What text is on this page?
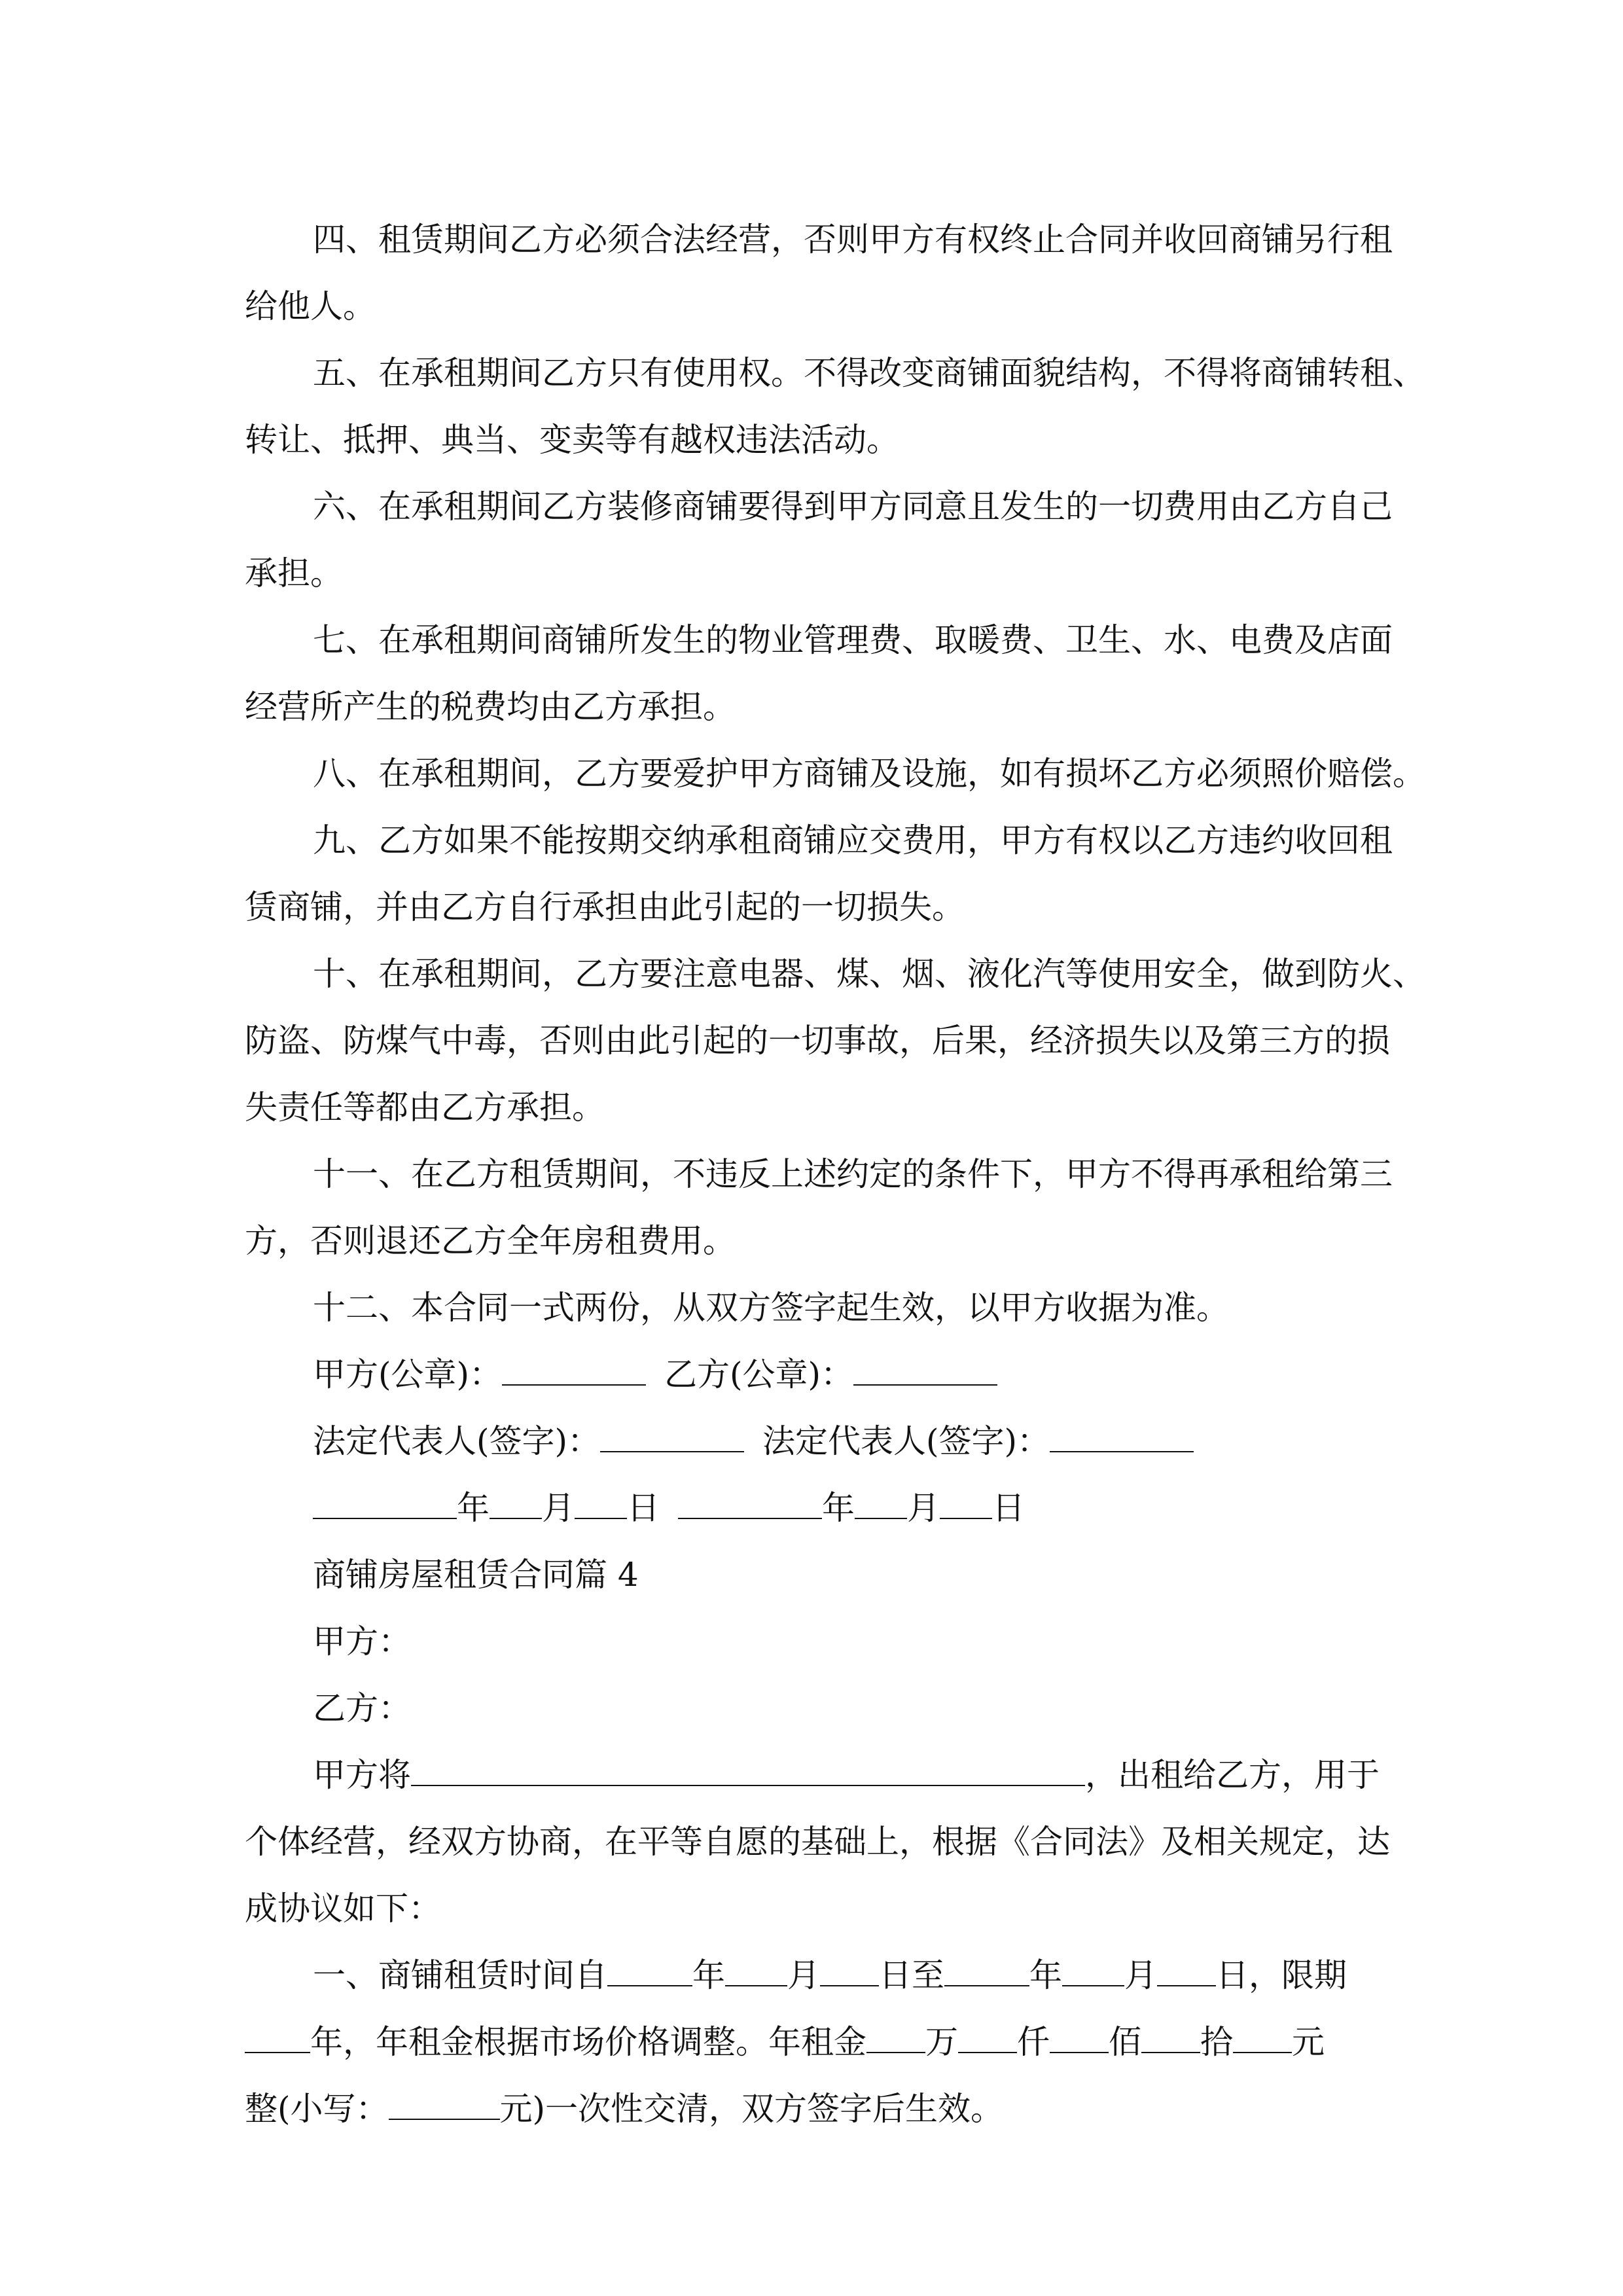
四、租赁期间乙方必须合法经营，否则甲方有权终止合同并收回商铺另行租
给他人。
五、在承租期间乙方只有使用权。不得改变商铺面貌结构，不得将商铺转租、
转让、抵押、典当、变卖等有越权违法活动。
六、在承租期间乙方装修商铺要得到甲方同意且发生的一切费用由乙方自己
承担。
七、在承租期间商铺所发生的物业管理费、取暖费、卫生、水、电费及店面
经营所产生的税费均由乙方承担。
八、在承租期间，乙方要爱护甲方商铺及设施，如有损坏乙方必须照价赔偿。
九、乙方如果不能按期交纳承租商铺应交费用，甲方有权以乙方违约收回租
赁商铺，并由乙方自行承担由此引起的一切损失。
十、在承租期间，乙方要注意电器、煤、烟、液化汽等使用安全，做到防火、
防盗、防煤气中毒，否则由此引起的一切事故，后果，经济损失以及第三方的损
失责任等都由乙方承担。
十一、在乙方租赁期间，不违反上述约定的条件下，甲方不得再承租给第三
方，否则退还乙方全年房租费用。
十二、本合同一式两份，从双方签字起生效，以甲方收据为准。
甲方(公章)：	乙方(公章)：
法定代表人(签字)：	法定代表人(签字)：
年 月 日	年 月 日
商铺房屋租赁合同篇 4
甲方：
乙方：
甲方将	，出租给乙方，用于
个体经营，经双方协商，在平等自愿的基础上，根据《合同法》及相关规定，达
成协议如下：
一、商铺租赁时间自	年 月 日至	年 月 日，限期
年，年租金根据市场价格调整。年租金 万 仟 佰 拾 元
整(小写：	元)一次性交清，双方签字后生效。
